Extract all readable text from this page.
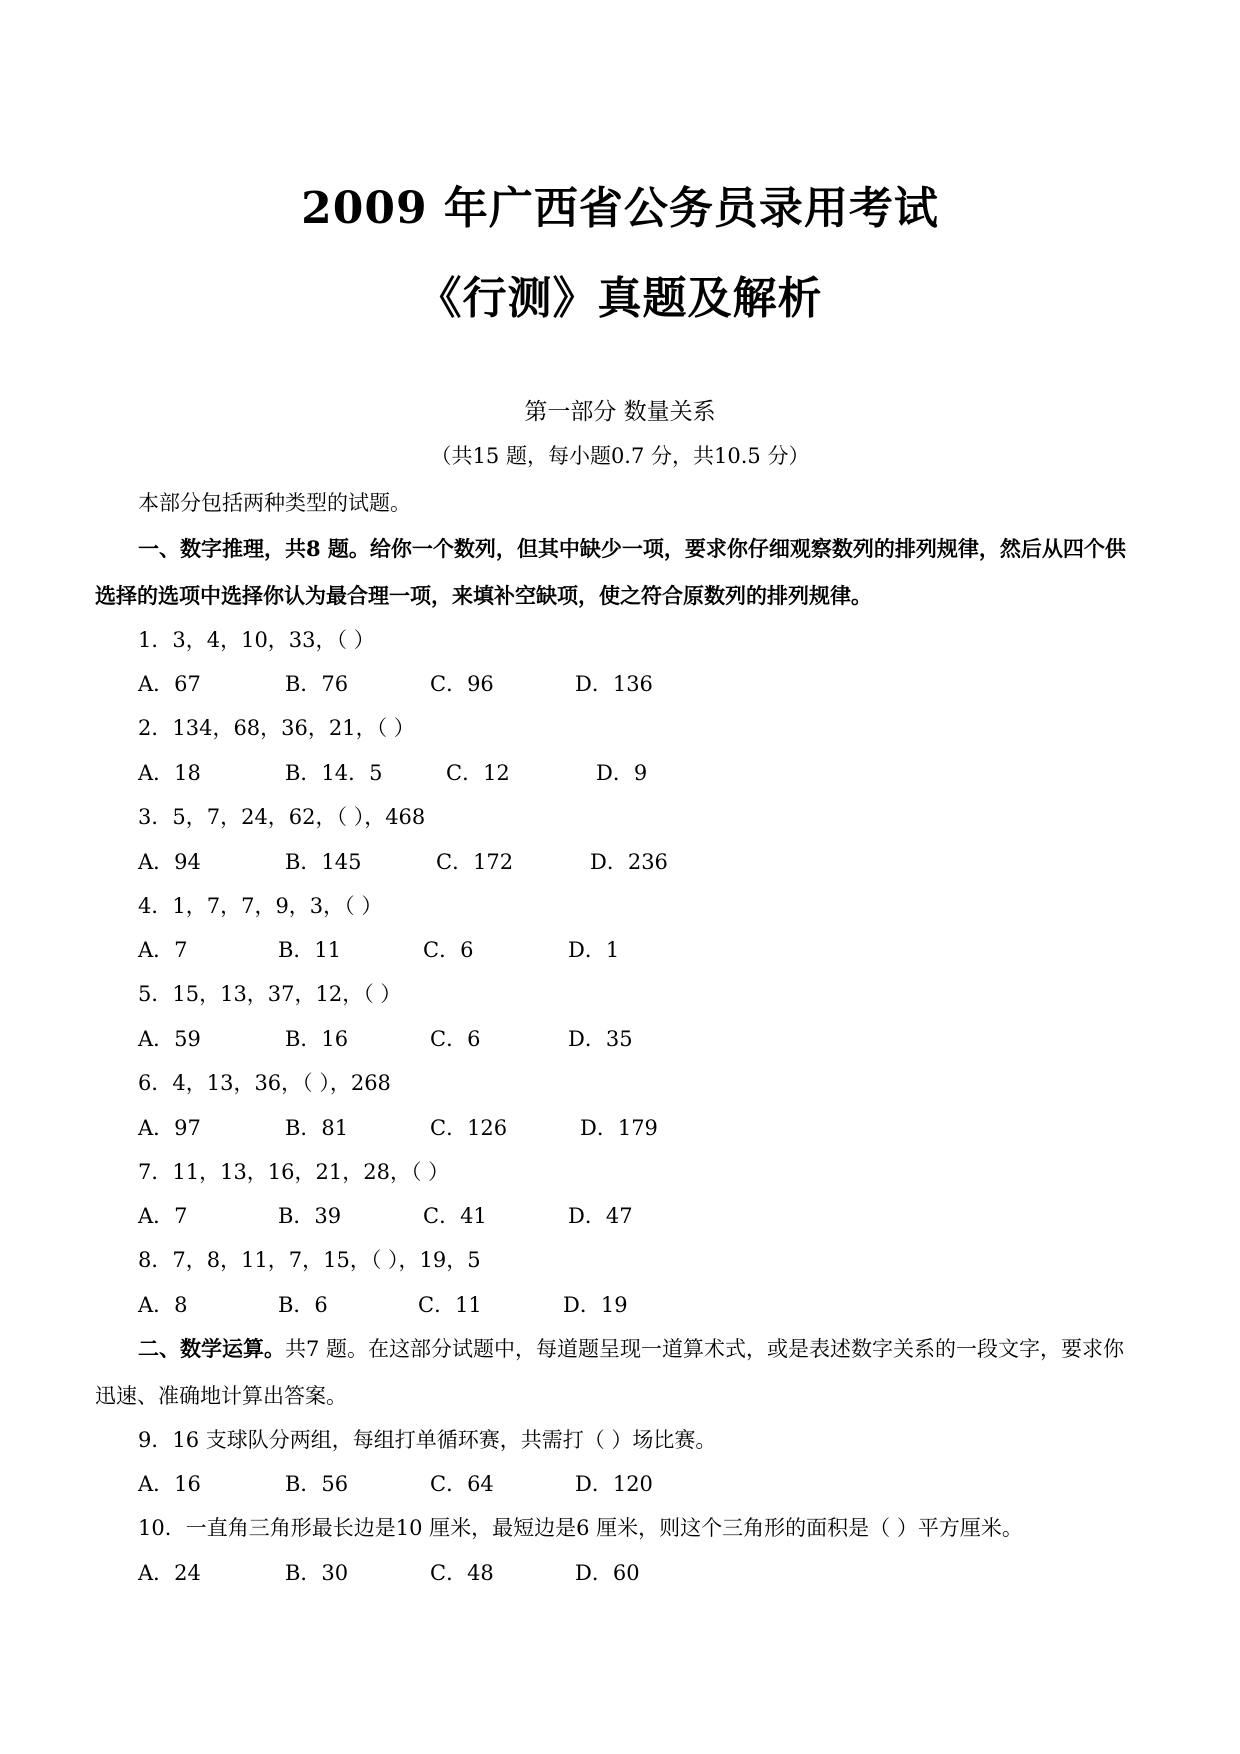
2009 年广西省公务员录用考试
《行测》真题及解析
第一部分 数量关系
（共15 题，每小题0.7 分，共10.5 分）
本部分包括两种类型的试题。
一、数字推理，共8 题。给你一个数列，但其中缺少一项，要求你仔细观察数列的排列规律，然后从四个供
选择的选项中选择你认为最合理一项，来填补空缺项，使之符合原数列的排列规律。
1．3，4，10，33，（ ）
A．67	B．76	C．96	D．136
2．134，68，36，21，（ ）
A．18	B．14．5	C．12	D．9
3．5，7，24，62，（ ），468
A．94	B．145	C．172	D．236
4．1，7，7，9，3，（ ）
A．7	B．11	C．6	D．1
5．15，13，37，12，（ ）
A．59	B．16	C．6	D．35
6．4，13，36，（ ），268
A．97	B．81	C．126	D．179
7．11，13，16，21，28，（ ）
A．7	B．39	C．41	D．47
8．7，8，11，7，15，（ ），19，5
A．8	B．6	C．11	D．19
二、数学运算。共7 题。在这部分试题中，每道题呈现一道算术式，或是表述数字关系的一段文字，要求你
迅速、准确地计算出答案。
9．16 支球队分两组，每组打单循环赛，共需打（ ）场比赛。
A．16	B．56	C．64	D．120
10．一直角三角形最长边是10 厘米，最短边是6 厘米，则这个三角形的面积是（ ）平方厘米。
A．24	B．30	C．48	D．60
